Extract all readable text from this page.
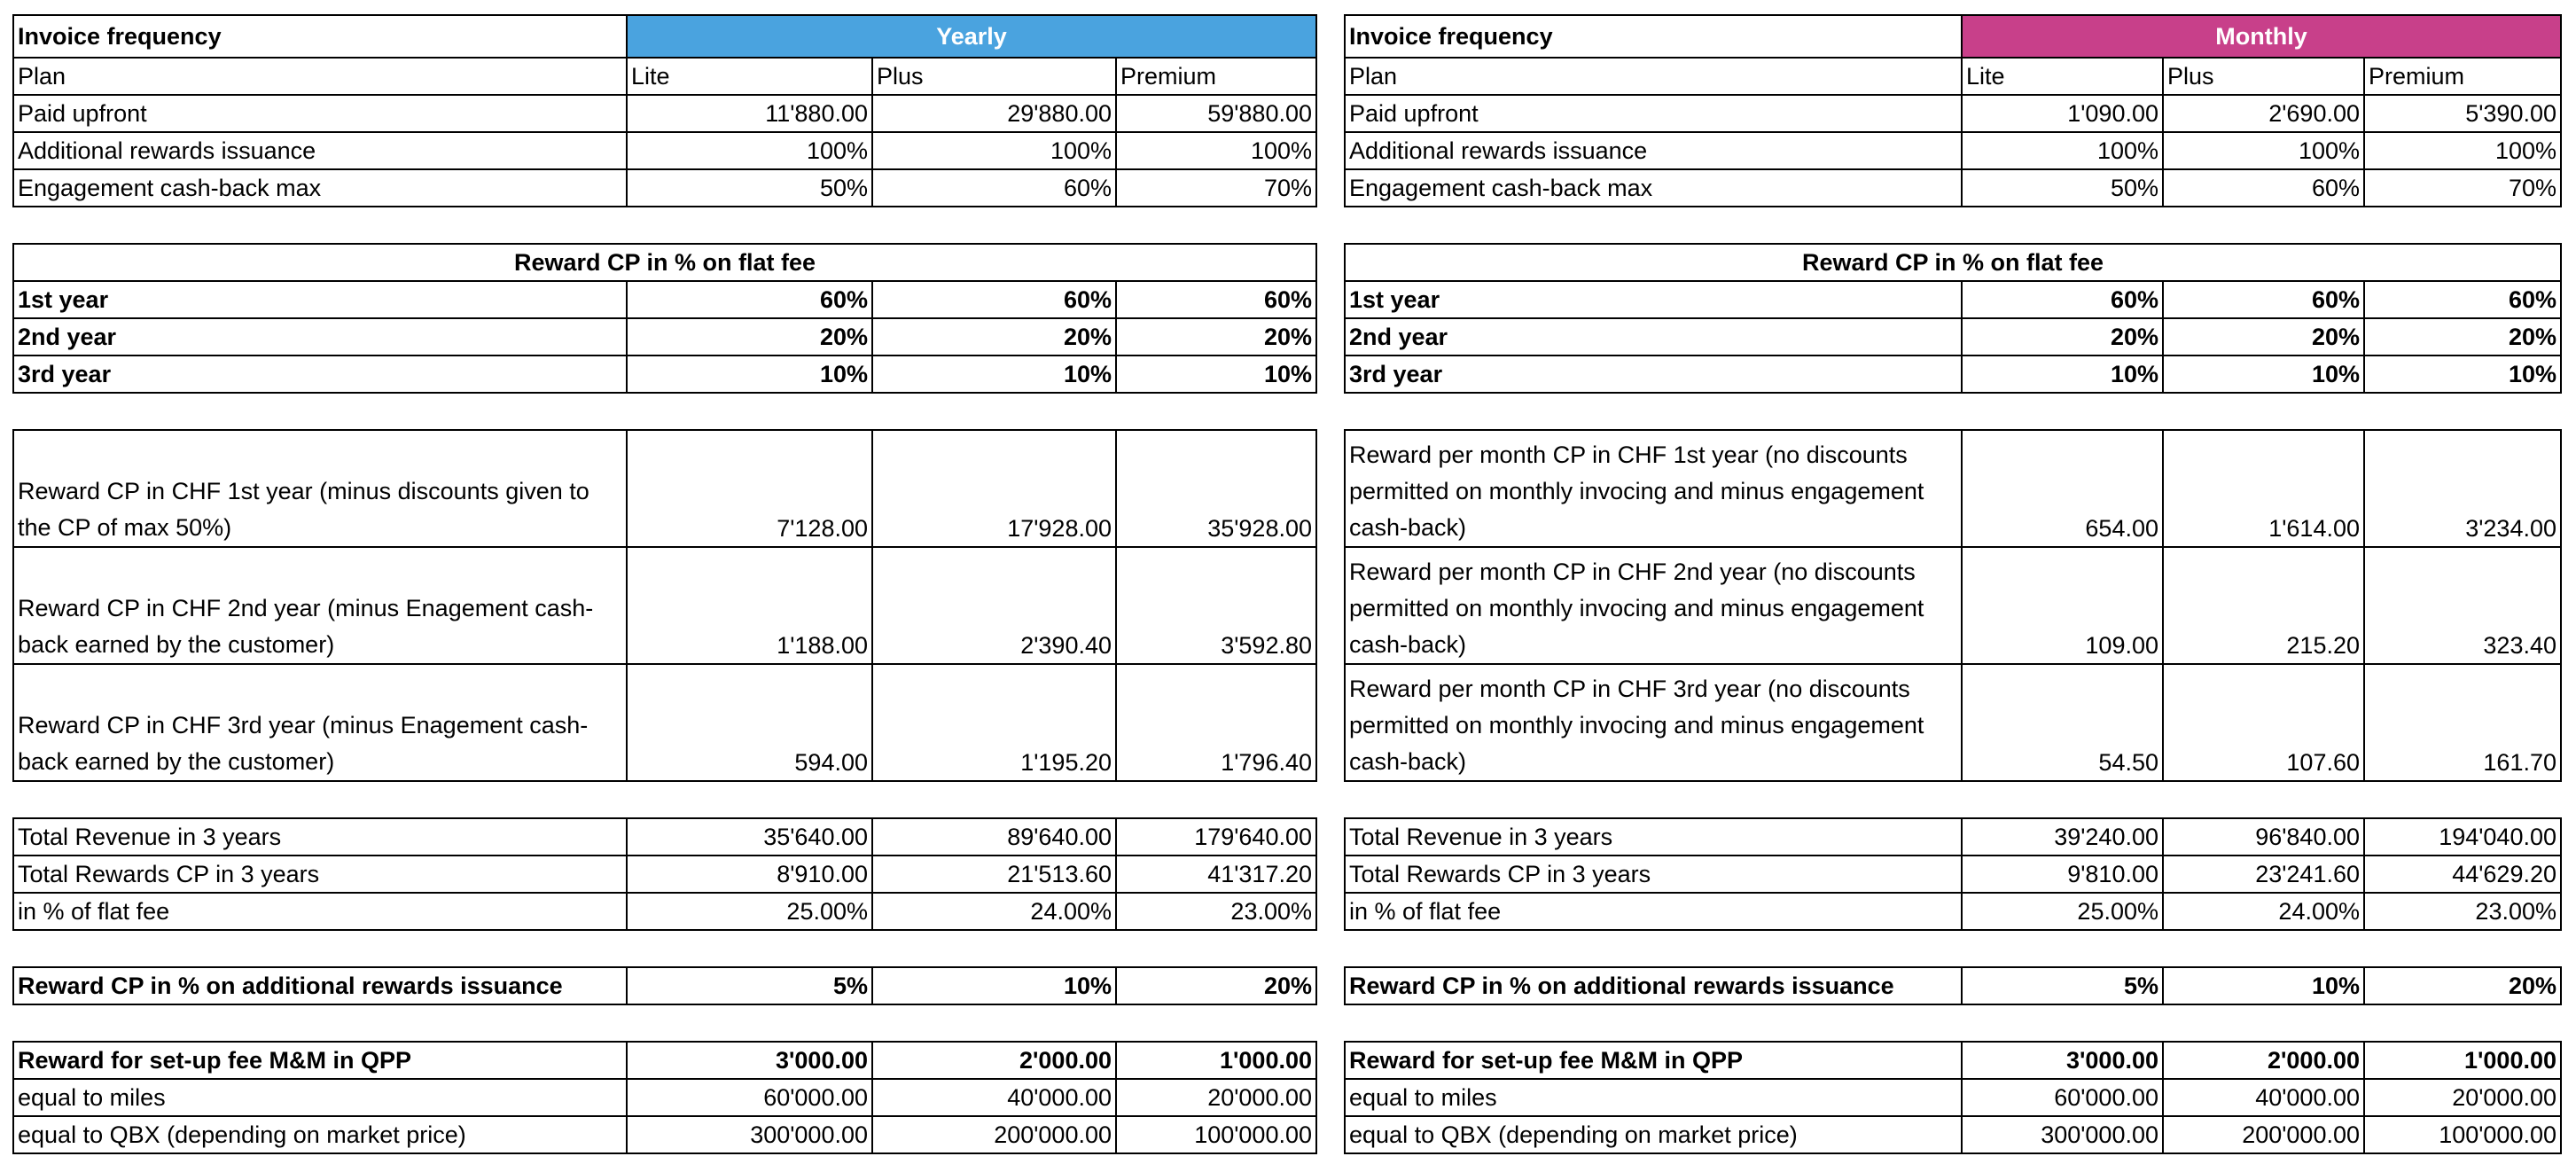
Invoice frequency	Yearly		
Plan	Lite	Plus	Premium
Paid upfront	11'880.00	29'880.00	59'880.00
Additional rewards issuance	100%	100%	100%
Engagement cash-back max	50%	60%	70%
Reward CP in % on flat fee			
1st year	60%	60%	60%
2nd year	20%	20%	20%
3rd year	10%	10%	10%
Reward CP in CHF 1st year (minus discounts given to the CP of max 50%)	7'128.00	17'928.00	35'928.00
Reward CP in CHF 2nd year (minus Enagement cash-back earned by the customer)	1'188.00	2'390.40	3'592.80
Reward CP in CHF 3rd year (minus Enagement cash-back earned by the customer)	594.00	1'195.20	1'796.40
Total Revenue in 3 years	35'640.00	89'640.00	179'640.00
Total Rewards CP in 3 years	8'910.00	21'513.60	41'317.20
in % of flat fee	25.00%	24.00%	23.00%
Reward CP in % on additional rewards issuance	5%	10%	20%
Reward for set-up fee M&M in QPP	3'000.00	2'000.00	1'000.00
equal to miles	60'000.00	40'000.00	20'000.00
equal to QBX (depending on market price)	300'000.00	200'000.00	100'000.00
Invoice frequency	Monthly		
Plan	Lite	Plus	Premium
Paid upfront	1'090.00	2'690.00	5'390.00
Additional rewards issuance	100%	100%	100%
Engagement cash-back max	50%	60%	70%
Reward CP in % on flat fee			
1st year	60%	60%	60%
2nd year	20%	20%	20%
3rd year	10%	10%	10%
Reward per month CP in CHF 1st year (no discounts permitted on monthly invocing and minus engagement cash-back)	654.00	1'614.00	3'234.00
Reward per month CP in CHF 2nd year (no discounts permitted on monthly invocing and minus engagement cash-back)	109.00	215.20	323.40
Reward per month CP in CHF 3rd year (no discounts permitted on monthly invocing and minus engagement cash-back)	54.50	107.60	161.70
Total Revenue in 3 years	39'240.00	96'840.00	194'040.00
Total Rewards CP in 3 years	9'810.00	23'241.60	44'629.20
in % of flat fee	25.00%	24.00%	23.00%
Reward CP in % on additional rewards issuance	5%	10%	20%
Reward for set-up fee M&M in QPP	3'000.00	2'000.00	1'000.00
equal to miles	60'000.00	40'000.00	20'000.00
equal to QBX (depending on market price)	300'000.00	200'000.00	100'000.00
